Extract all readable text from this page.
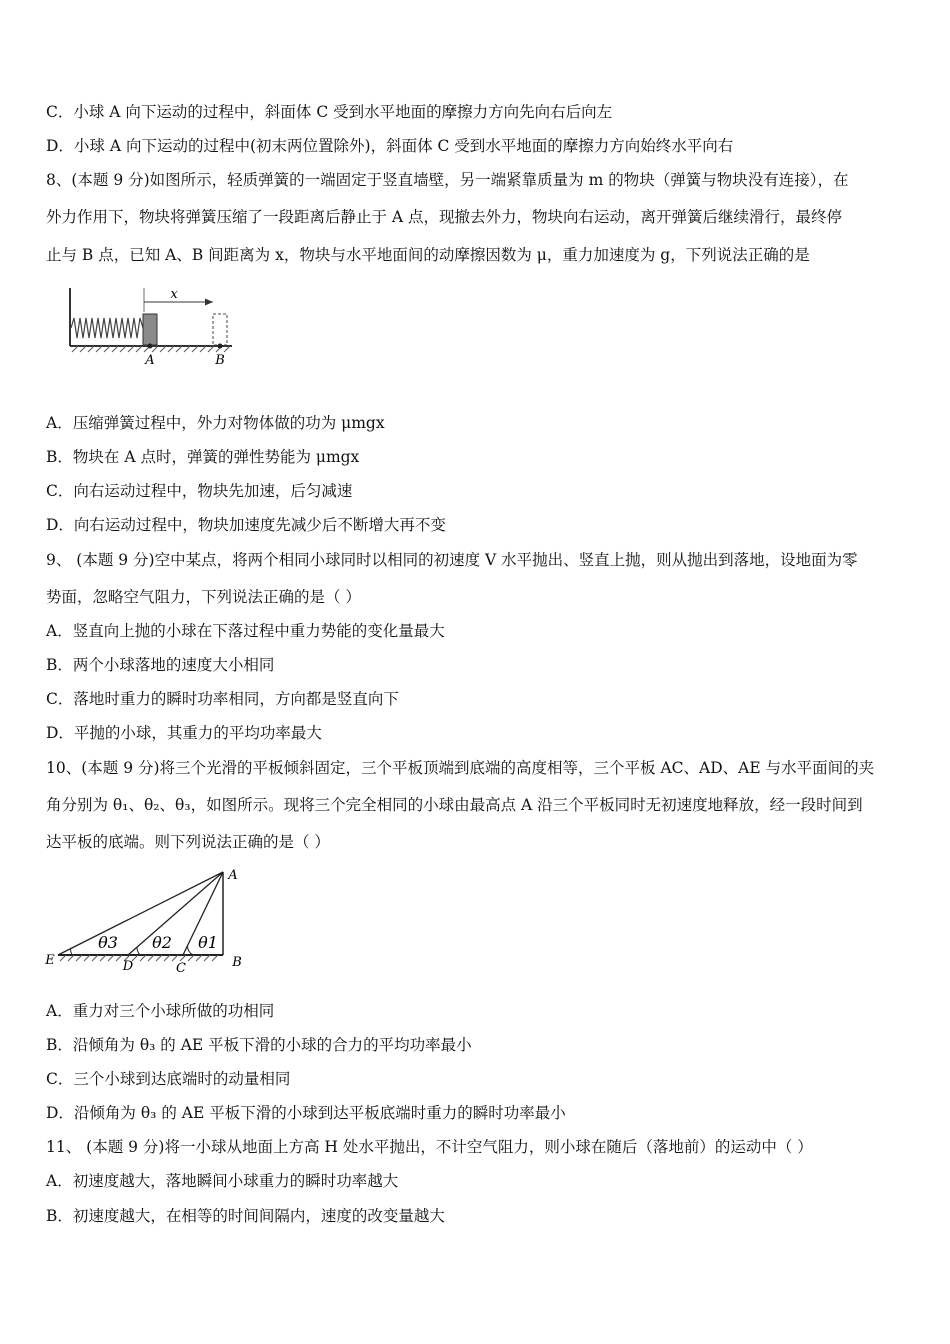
C．小球 A 向下运动的过程中，斜面体 C 受到水平地面的摩擦力方向先向右后向左
D．小球 A 向下运动的过程中(初末两位置除外)，斜面体 C 受到水平地面的摩擦力方向始终水平向右
8、(本题 9 分)如图所示，轻质弹簧的一端固定于竖直墙壁，另一端紧靠质量为 m 的物块（弹簧与物块没有连接），在
外力作用下，物块将弹簧压缩了一段距离后静止于 A 点，现撤去外力，物块向右运动，离开弹簧后继续滑行，最终停
止与 B 点，已知 A、B 间距离为 x，物块与水平地面间的动摩擦因数为 μ，重力加速度为 g，下列说法正确的是
x
A	B
A．压缩弹簧过程中，外力对物体做的功为 μmgx
B．物块在 A 点时，弹簧的弹性势能为 μmgx
C．向右运动过程中，物块先加速，后匀减速
D．向右运动过程中，物块加速度先减少后不断增大再不变
9、 (本题 9 分)空中某点，将两个相同小球同时以相同的初速度 V 水平抛出、竖直上抛，则从抛出到落地，设地面为零
势面，忽略空气阻力，下列说法正确的是（ ）
A．竖直向上抛的小球在下落过程中重力势能的变化量最大
B．两个小球落地的速度大小相同
C．落地时重力的瞬时功率相同，方向都是竖直向下
D．平抛的小球，其重力的平均功率最大
10、(本题 9 分)将三个光滑的平板倾斜固定，三个平板顶端到底端的高度相等，三个平板 AC、AD、AE 与水平面间的夹
角分别为 θ₁、θ₂、θ₃，如图所示。现将三个完全相同的小球由最高点 A 沿三个平板同时无初速度地释放，经一段时间到
达平板的底端。则下列说法正确的是（ ）
θ3 θ2 θ1
A
B
C
D
E
A．重力对三个小球所做的功相同
B．沿倾角为 θ₃ 的 AE 平板下滑的小球的合力的平均功率最小
C．三个小球到达底端时的动量相同
D．沿倾角为 θ₃ 的 AE 平板下滑的小球到达平板底端时重力的瞬时功率最小
11、 (本题 9 分)将一小球从地面上方高 H 处水平抛出，不计空气阻力，则小球在随后（落地前）的运动中（ ）
A．初速度越大，落地瞬间小球重力的瞬时功率越大
B．初速度越大，在相等的时间间隔内，速度的改变量越大
